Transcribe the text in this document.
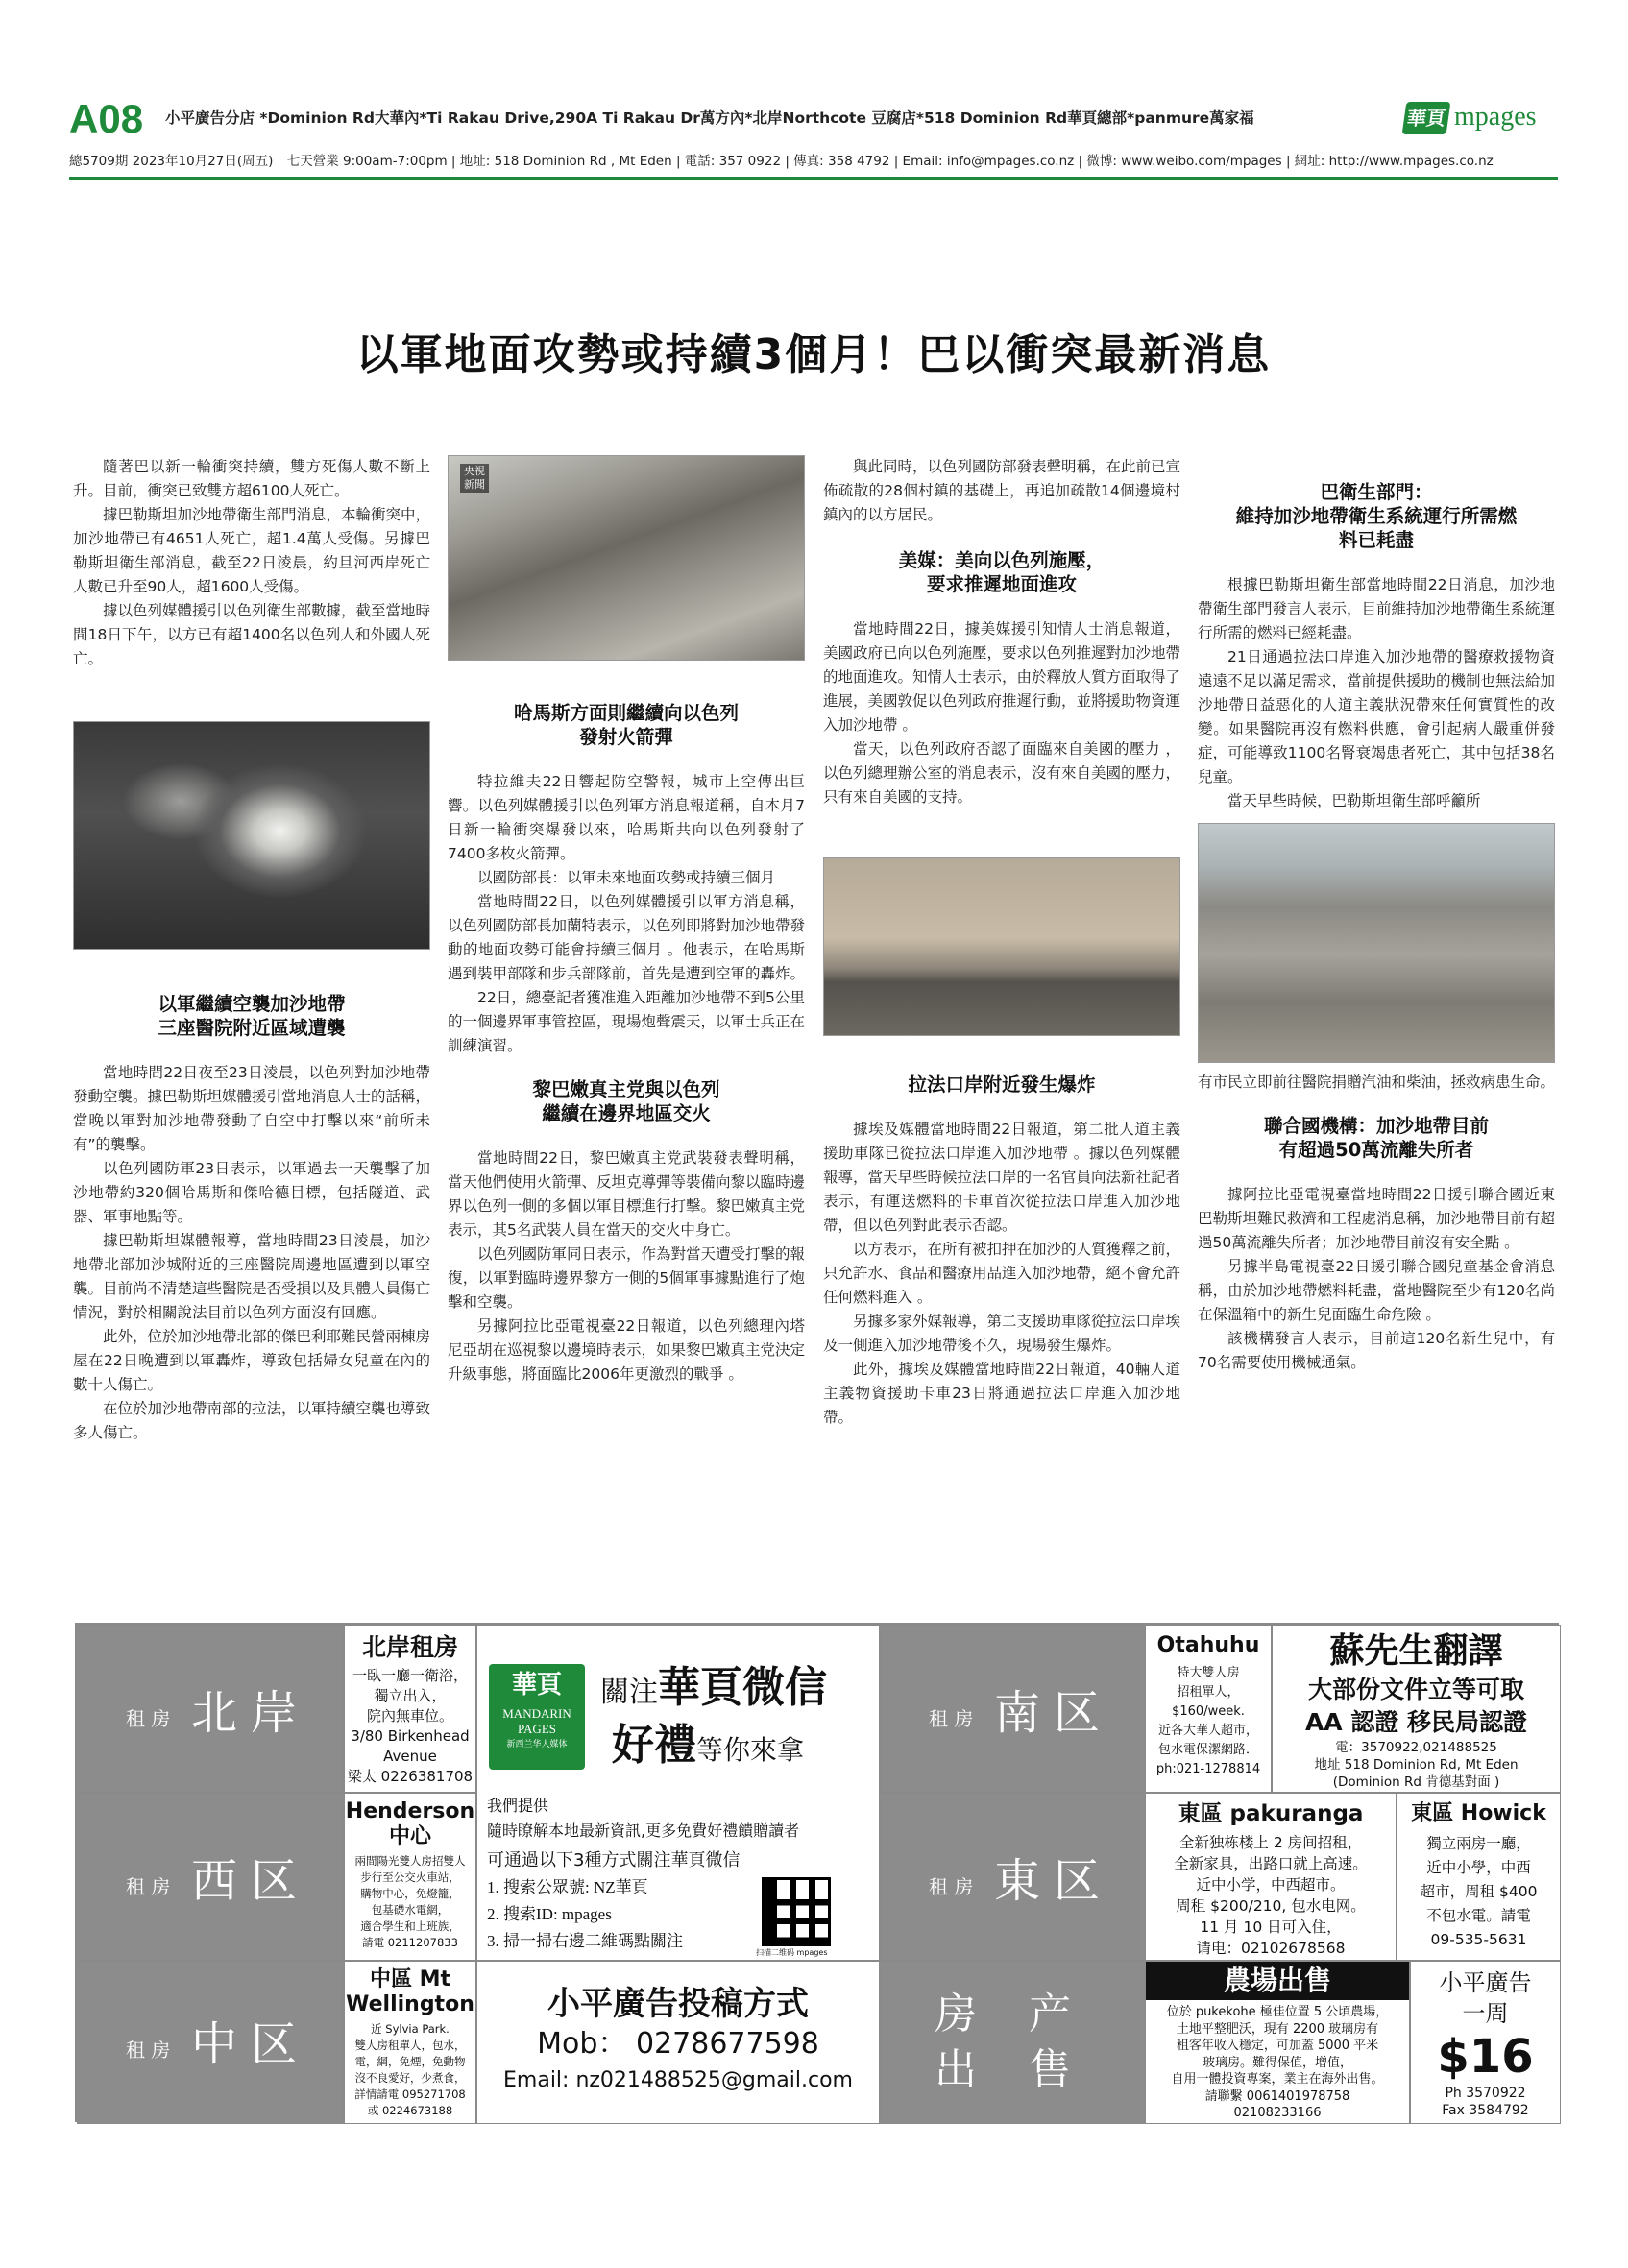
A08 小平廣告分店 *Dominion Rd大華內*Ti Rakau Drive,290A Ti Rakau Dr萬方內*北岸Northcote 豆腐店*518 Dominion Rd華頁總部*panmure萬家福	華頁 mpages
總5709期 2023年10月27日(周五) 七天營業 9:00am-7:00pm | 地址: 518 Dominion Rd , Mt Eden | 電話: 357 0922 | 傳真: 358 4792 | Email: info@mpages.co.nz | 微博: www.weibo.com/mpages | 網址: http://www.mpages.co.nz
以軍地面攻勢或持續3個月！巴以衝突最新消息

隨著巴以新一輪衝突持續，雙方死傷人數不斷上升。目前，衝突已致雙方超6100人死亡。

據巴勒斯坦加沙地帶衛生部門消息，本輪衝突中，加沙地帶已有4651人死亡，超1.4萬人受傷。另據巴勒斯坦衛生部消息，截至22日淩晨，約旦河西岸死亡人數已升至90人，超1600人受傷。

據以色列媒體援引以色列衛生部數據，截至當地時間18日下午，以方已有超1400名以色列人和外國人死亡。

以軍繼續空襲加沙地帶
三座醫院附近區域遭襲

當地時間22日夜至23日淩晨，以色列對加沙地帶發動空襲。據巴勒斯坦媒體援引當地消息人士的話稱，當晚以軍對加沙地帶發動了自空中打擊以來“前所未有”的襲擊。

以色列國防軍23日表示，以軍過去一天襲擊了加沙地帶約320個哈馬斯和傑哈德目標，包括隧道、武器、軍事地點等。

據巴勒斯坦媒體報導，當地時間23日淩晨，加沙地帶北部加沙城附近的三座醫院周邊地區遭到以軍空襲。目前尚不清楚這些醫院是否受損以及具體人員傷亡情況，對於相關說法目前以色列方面沒有回應。

此外，位於加沙地帶北部的傑巴利耶難民營兩棟房屋在22日晚遭到以軍轟炸，導致包括婦女兒童在內的數十人傷亡。

在位於加沙地帶南部的拉法，以軍持續空襲也導致多人傷亡。

央視
新聞

哈馬斯方面則繼續向以色列
發射火箭彈

特拉維夫22日響起防空警報，城市上空傳出巨響。以色列媒體援引以色列軍方消息報道稱，自本月7日新一輪衝突爆發以來，哈馬斯共向以色列發射了7400多枚火箭彈。

以國防部長：以軍未來地面攻勢或持續三個月

當地時間22日，以色列媒體援引以軍方消息稱，以色列國防部長加蘭特表示，以色列即將對加沙地帶發動的地面攻勢可能會持續三個月 。他表示，在哈馬斯遇到裝甲部隊和步兵部隊前，首先是遭到空軍的轟炸。

22日，總臺記者獲准進入距離加沙地帶不到5公里的一個邊界軍事管控區，現場炮聲震天，以軍士兵正在訓練演習。

黎巴嫩真主党與以色列
繼續在邊界地區交火

當地時間22日，黎巴嫩真主党武裝發表聲明稱，當天他們使用火箭彈、反坦克導彈等裝備向黎以臨時邊界以色列一側的多個以軍目標進行打擊。黎巴嫩真主党表示，其5名武裝人員在當天的交火中身亡。

以色列國防軍同日表示，作為對當天遭受打擊的報復，以軍對臨時邊界黎方一側的5個軍事據點進行了炮擊和空襲。

另據阿拉比亞電視臺22日報道，以色列總理內塔尼亞胡在巡視黎以邊境時表示，如果黎巴嫩真主党決定升級事態，將面臨比2006年更激烈的戰爭 。

與此同時，以色列國防部發表聲明稱，在此前已宣佈疏散的28個村鎮的基礎上，再追加疏散14個邊境村鎮內的以方居民。

美媒：美向以色列施壓，
要求推遲地面進攻

當地時間22日，據美媒援引知情人士消息報道，美國政府已向以色列施壓，要求以色列推遲對加沙地帶的地面進攻。知情人士表示，由於釋放人質方面取得了進展，美國敦促以色列政府推遲行動，並將援助物資運入加沙地帶 。

當天，以色列政府否認了面臨來自美國的壓力 ，以色列總理辦公室的消息表示，沒有來自美國的壓力，只有來自美國的支持。

拉法口岸附近發生爆炸

據埃及媒體當地時間22日報道，第二批人道主義援助車隊已從拉法口岸進入加沙地帶 。據以色列媒體報導，當天早些時候拉法口岸的一名官員向法新社記者表示，有運送燃料的卡車首次從拉法口岸進入加沙地帶，但以色列對此表示否認。

以方表示，在所有被扣押在加沙的人質獲釋之前，只允許水、食品和醫療用品進入加沙地帶，絕不會允許任何燃料進入 。

另據多家外媒報導，第二支援助車隊從拉法口岸埃及一側進入加沙地帶後不久，現場發生爆炸。

此外，據埃及媒體當地時間22日報道，40輛人道主義物資援助卡車23日將通過拉法口岸進入加沙地帶。

巴衛生部門：
維持加沙地帶衛生系統運行所需燃
料已耗盡

根據巴勒斯坦衛生部當地時間22日消息，加沙地帶衛生部門發言人表示，目前維持加沙地帶衛生系統運行所需的燃料已經耗盡。

21日通過拉法口岸進入加沙地帶的醫療救援物資遠遠不足以滿足需求，當前提供援助的機制也無法給加沙地帶日益惡化的人道主義狀況帶來任何實質性的改變。如果醫院再沒有燃料供應，會引起病人嚴重併發症，可能導致1100名腎衰竭患者死亡，其中包括38名兒童。

當天早些時候，巴勒斯坦衛生部呼籲所

有市民立即前往醫院捐贈汽油和柴油，拯救病患生命。

聯合國機構：加沙地帶目前
有超過50萬流離失所者

據阿拉比亞電視臺當地時間22日援引聯合國近東巴勒斯坦難民救濟和工程處消息稱，加沙地帶目前有超過50萬流離失所者；加沙地帶目前沒有安全點 。

另據半島電視臺22日援引聯合國兒童基金會消息稱，由於加沙地帶燃料耗盡，當地醫院至少有120名尚在保溫箱中的新生兒面臨生命危險 。

該機構發言人表示，目前這120名新生兒中，有70名需要使用機械通氣。

租 房 北岸
租 房 西区
租 房 中区
北岸租房
一臥一廳一衛浴，
獨立出入，
院內無車位。
3/80 Birkenhead
Avenue
梁太 0226381708
Henderson
中心
兩間陽光雙人房招雙人
步行至公交火車站，
購物中心，免燈籠，
包基礎水電網，
適合學生和上班族，
請電 0211207833
中區 Mt
Wellington
近 Sylvia Park.
雙人房租單人，包水，
電，網，免煙，免動物
沒不良愛好，少煮食，
詳情請電 095271708
或 0224673188
華頁
MANDARIN
PAGES
新西兰华人媒体
關注華頁微信
好禮等你來拿
我們提供
隨時瞭解本地最新資訊,更多免費好禮饋贈讀者
可通過以下3種方式關注華頁微信
1. 搜索公眾號: NZ華頁
2. 搜索ID: mpages
3. 掃一掃右邊二維碼點關注
扫描二维码 mpages
小平廣告投稿方式
Mob： 0278677598
Email: nz021488525@gmail.com
租 房 南区
租 房 東区
房 产
出 售
Otahuhu
特大雙人房
招租單人，
$160/week.
近各大華人超市，
包水電保潔網路．
ph:021-1278814
蘇先生翻譯
大部份文件立等可取
AA 認證 移民局認證
電：3570922,021488525
地址 518 Dominion Rd, Mt Eden
(Dominion Rd 肯德基對面 )
東區 pakuranga
全新独栋楼上 2 房间招租，
全新家具，出路口就上高速。
近中小学，中西超市。
周租 $200/210, 包水电网。
11 月 10 日可入住，
请电：02102678568
東區 Howick
獨立兩房一廳，
近中小學，中西
超市，周租 $400
不包水電。請電
09-535-5631
農場出售
位於 pukekohe 極佳位置 5 公頃農場，
土地平整肥沃，現有 2200 玻璃房有
租客年收入穩定，可加蓋 5000 平米
玻璃房。難得保值，增值，
自用一體投資專案，業主在海外出售。
請聯繫 0061401978758
02108233166
小平廣告
一周
$16
Ph 3570922
Fax 3584792
